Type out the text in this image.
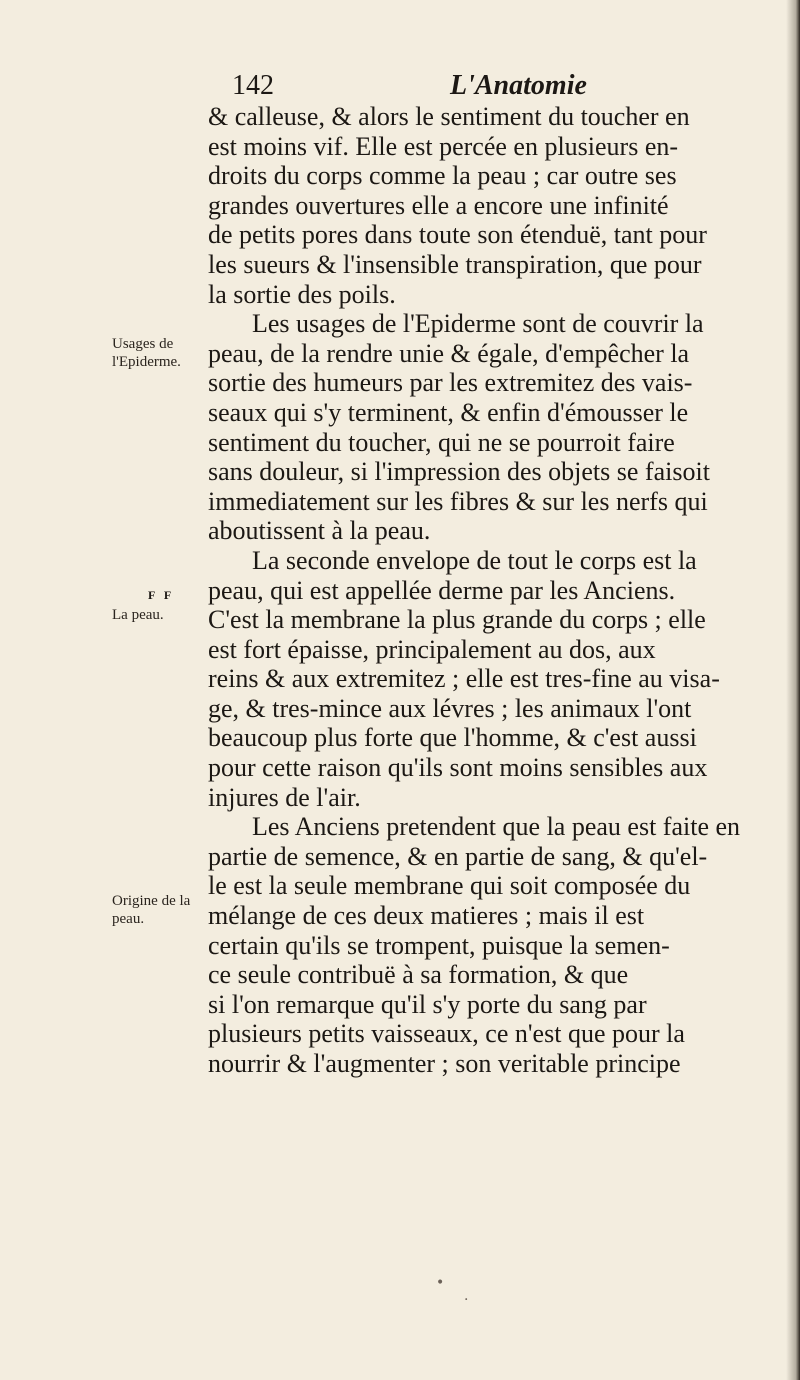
142	L'Anatomie
Usages de l'Epiderme.
La peau.
Origine de la peau.
F F

& calleuse, & alors le sentiment du toucher en
est moins vif. Elle est percée en plusieurs en-
droits du corps comme la peau ; car outre ses
grandes ouvertures elle a encore une infinité
de petits pores dans toute son étenduë, tant pour
les sueurs & l'insensible transpiration, que pour
la sortie des poils.

Les usages de l'Epiderme sont de couvrir la
peau, de la rendre unie & égale, d'empêcher la
sortie des humeurs par les extremitez des vais-
seaux qui s'y terminent, & enfin d'émousser le
sentiment du toucher, qui ne se pourroit faire
sans douleur, si l'impression des objets se faisoit
immediatement sur les fibres & sur les nerfs qui
aboutissent à la peau.

La seconde envelope de tout le corps est la
peau, qui est appellée derme par les Anciens.
C'est la membrane la plus grande du corps ; elle
est fort épaisse, principalement au dos, aux
reins & aux extremitez ; elle est tres-fine au visa-
ge, & tres-mince aux lévres ; les animaux l'ont
beaucoup plus forte que l'homme, & c'est aussi
pour cette raison qu'ils sont moins sensibles aux
injures de l'air.

Les Anciens pretendent que la peau est faite en
partie de semence, & en partie de sang, & qu'el-
le est la seule membrane qui soit composée du
mélange de ces deux matieres ; mais il est
certain qu'ils se trompent, puisque la semen-
ce seule contribuë à sa formation, & que
si l'on remarque qu'il s'y porte du sang par
plusieurs petits vaisseaux, ce n'est que pour la
nourrir & l'augmenter ; son veritable principe

•
·
